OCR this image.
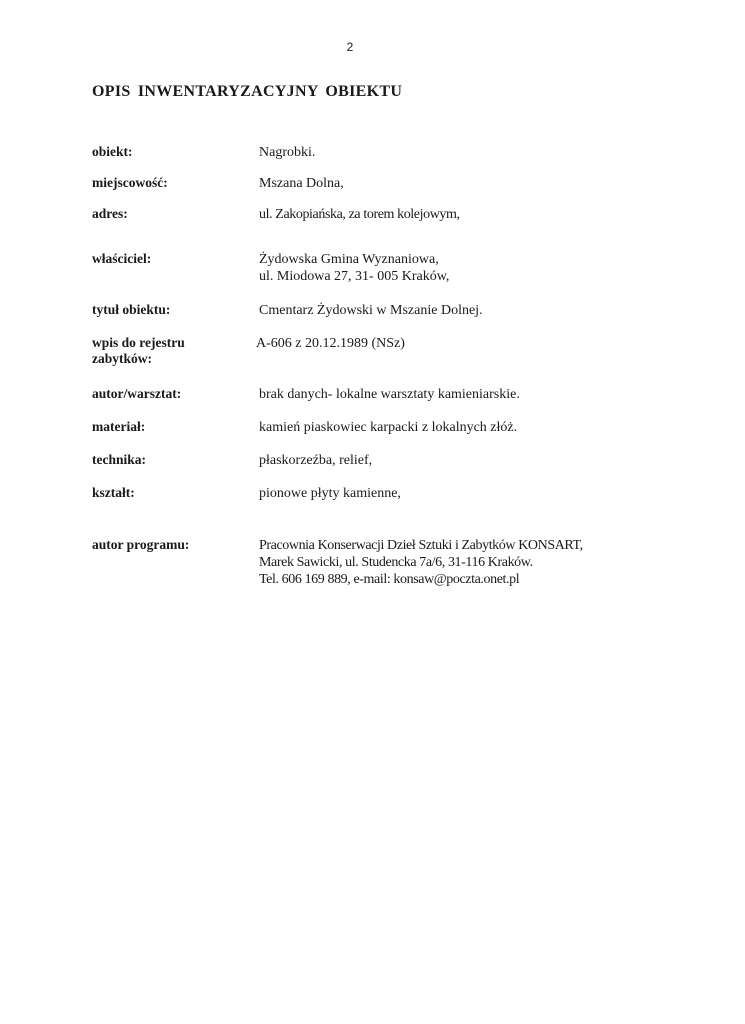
2
OPIS INWENTARYZACYJNY OBIEKTU
obiekt:	Nagrobki.
miejscowość:	Mszana Dolna,
adres:	ul. Zakopiańska, za torem kolejowym,
właściciel:	Żydowska Gmina Wyznaniowa,
ul. Miodowa 27, 31- 005 Kraków,
tytuł obiektu:	Cmentarz Żydowski w Mszanie Dolnej.
wpis do rejestru
zabytków:
A-606 z 20.12.1989 (NSz)
autor/warsztat:	brak danych- lokalne warsztaty kamieniarskie.
materiał:	kamień piaskowiec karpacki z lokalnych złóż.
technika:	płaskorzeźba, relief,
kształt:	pionowe płyty kamienne,
autor programu:	Pracownia Konserwacji Dzieł Sztuki i Zabytków KONSART,
Marek Sawicki, ul. Studencka 7a/6, 31-116 Kraków.
Tel. 606 169 889, e-mail: konsaw@poczta.onet.pl
